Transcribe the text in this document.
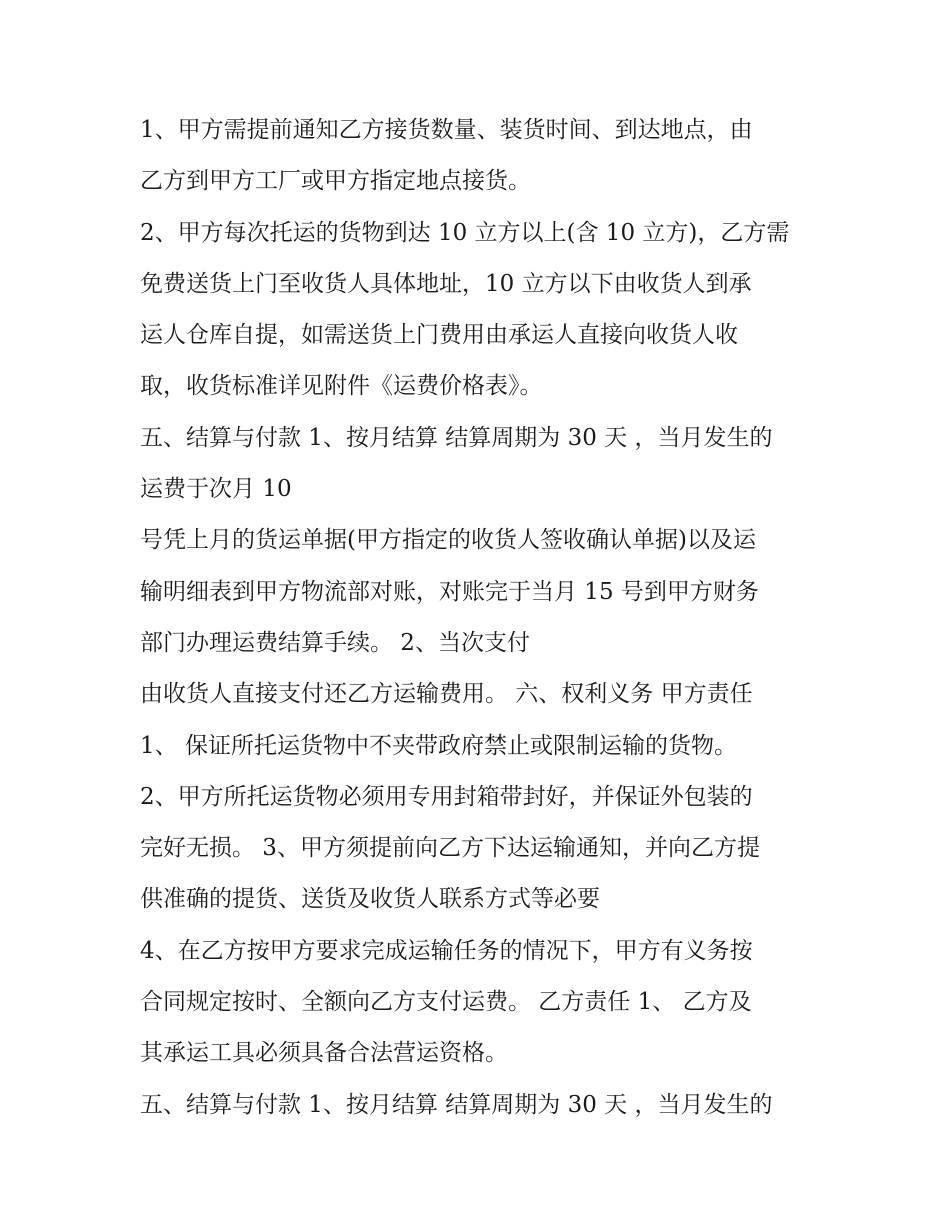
1、甲方需提前通知乙方接货数量、装货时间、到达地点，由
乙方到甲方工厂或甲方指定地点接货。
2、甲方每次托运的货物到达 10 立方以上(含 10 立方)，乙方需
免费送货上门至收货人具体地址，10 立方以下由收货人到承
运人仓库自提，如需送货上门费用由承运人直接向收货人收
取，收货标准详见附件《运费价格表》。
五、结算与付款 1、按月结算 结算周期为 30 天 ，当月发生的
运费于次月 10
号凭上月的货运单据(甲方指定的收货人签收确认单据)以及运
输明细表到甲方物流部对账，对账完于当月 15 号到甲方财务
部门办理运费结算手续。 2、当次支付
由收货人直接支付还乙方运输费用。 六、权利义务 甲方责任
1、 保证所托运货物中不夹带政府禁止或限制运输的货物。
2、甲方所托运货物必须用专用封箱带封好，并保证外包装的
完好无损。 3、甲方须提前向乙方下达运输通知，并向乙方提
供准确的提货、送货及收货人联系方式等必要
4、在乙方按甲方要求完成运输任务的情况下，甲方有义务按
合同规定按时、全额向乙方支付运费。 乙方责任 1、 乙方及
其承运工具必须具备合法营运资格。
五、结算与付款 1、按月结算 结算周期为 30 天 ，当月发生的
